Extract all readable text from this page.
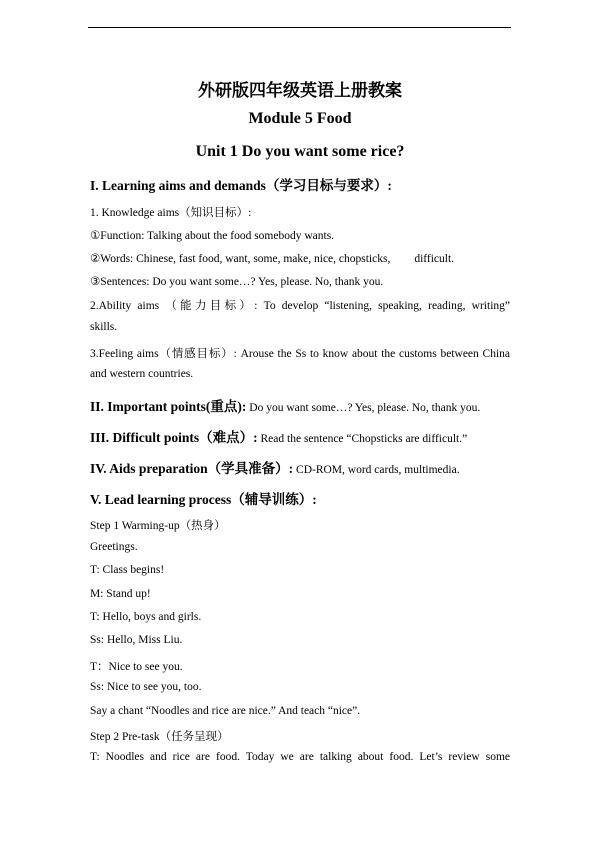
外研版四年级英语上册教案
Module 5 Food
Unit 1 Do you want some rice?
I. Learning aims and demands（学习目标与要求）:
1. Knowledge aims（知识目标）:
①Function: Talking about the food somebody wants.
②Words: Chinese, fast food, want, some, make, nice, chopsticks, difficult.
③Sentences: Do you want some…? Yes, please. No, thank you.
2.Ability aims （能力目标）: To develop “listening, speaking, reading, writing”
skills.
3.Feeling aims（情感目标）: Arouse the Ss to know about the customs between China
and western countries.
II. Important points(重点): Do you want some…? Yes, please. No, thank you.
III. Difficult points（难点）: Read the sentence “Chopsticks are difficult.”
IV. Aids preparation（学具准备）: CD-ROM, word cards, multimedia.
V. Lead learning process（辅导训练）:
Step 1 Warming-up（热身）
Greetings.
T: Class begins!
M: Stand up!
T: Hello, boys and girls.
Ss: Hello, Miss Liu.
T：Nice to see you.
Ss: Nice to see you, too.
Say a chant “Noodles and rice are nice.” And teach “nice”.
Step 2 Pre-task（任务呈现）
T: Noodles and rice are food. Today we are talking about food. Let’s review some
